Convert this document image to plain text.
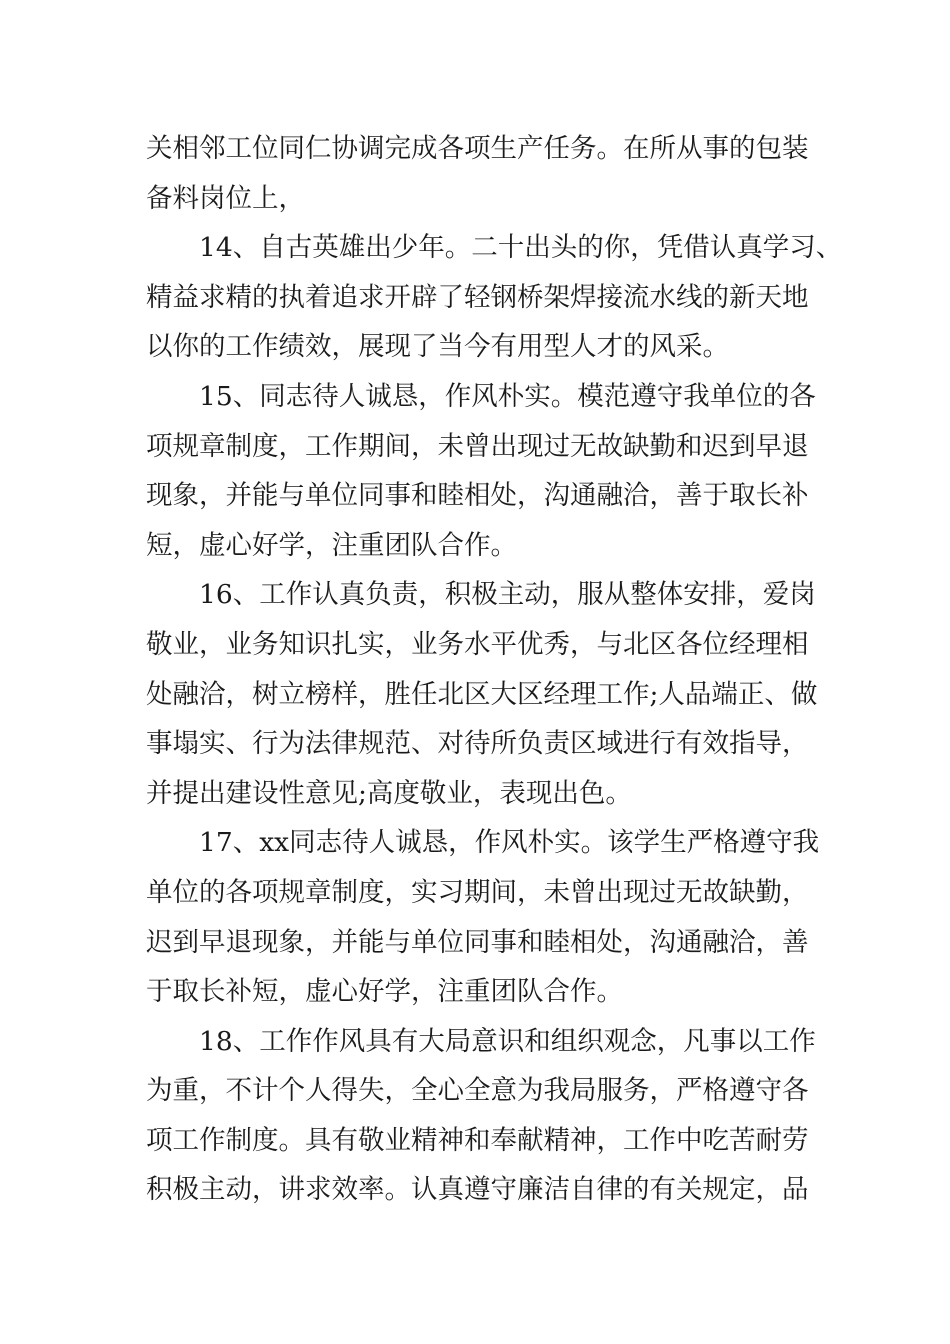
关相邻工位同仁协调完成各项生产任务。在所从事的包装
备料岗位上，
14、自古英雄出少年。二十出头的你，凭借认真学习、
精益求精的执着追求开辟了轻钢桥架焊接流水线的新天地
以你的工作绩效，展现了当今有用型人才的风采。
15、同志待人诚恳，作风朴实。模范遵守我单位的各
项规章制度，工作期间，未曾出现过无故缺勤和迟到早退
现象，并能与单位同事和睦相处，沟通融洽，善于取长补
短，虚心好学，注重团队合作。
16、工作认真负责，积极主动，服从整体安排，爱岗
敬业，业务知识扎实，业务水平优秀，与北区各位经理相
处融洽，树立榜样，胜任北区大区经理工作;人品端正、做
事塌实、行为法律规范、对待所负责区域进行有效指导，
并提出建设性意见;高度敬业，表现出色。
17、xx同志待人诚恳，作风朴实。该学生严格遵守我
单位的各项规章制度，实习期间，未曾出现过无故缺勤，
迟到早退现象，并能与单位同事和睦相处，沟通融洽，善
于取长补短，虚心好学，注重团队合作。
18、工作作风具有大局意识和组织观念，凡事以工作
为重，不计个人得失，全心全意为我局服务，严格遵守各
项工作制度。具有敬业精神和奉献精神，工作中吃苦耐劳
积极主动，讲求效率。认真遵守廉洁自律的有关规定，品
